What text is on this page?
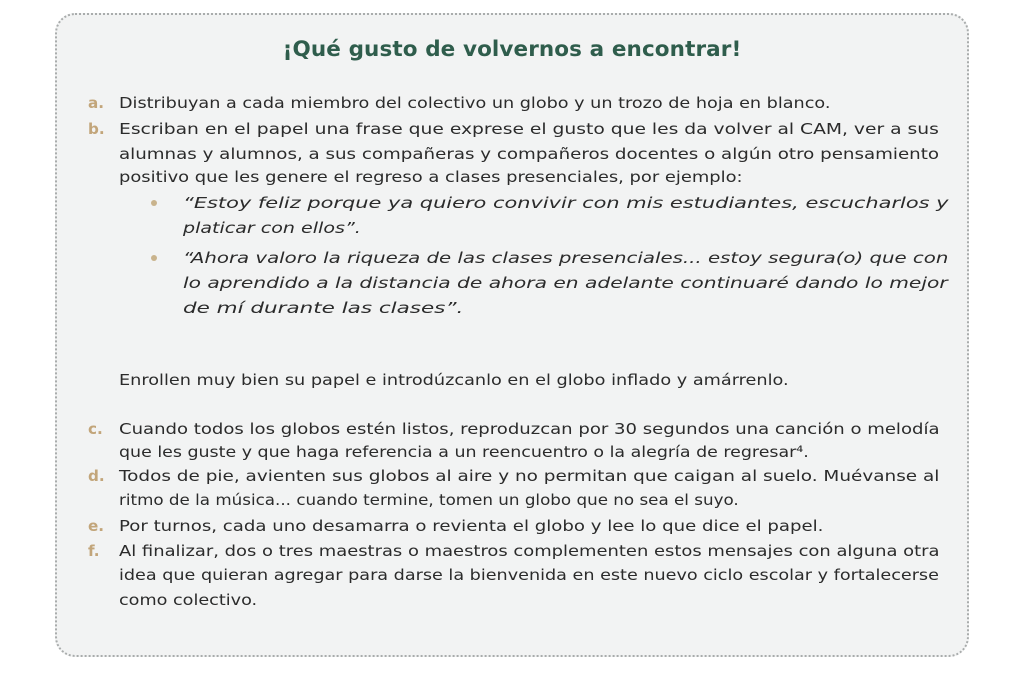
¡Qué gusto de volvernos a encontrar!
a. Distribuyan a cada miembro del colectivo un globo y un trozo de hoja en blanco.
b. Escriban en el papel una frase que exprese el gusto que les da volver al CAM, ver a sus
alumnas y alumnos, a sus compañeras y compañeros docentes o algún otro pensamiento
positivo que les genere el regreso a clases presenciales, por ejemplo:
“Estoy feliz porque ya quiero convivir con mis estudiantes, escucharlos y
platicar con ellos”.
“Ahora valoro la riqueza de las clases presenciales... estoy segura(o) que con
lo aprendido a la distancia de ahora en adelante continuaré dando lo mejor
de mí durante las clases”.
Enrollen muy bien su papel e introdúzcanlo en el globo inflado y amárrenlo.
c. Cuando todos los globos estén listos, reproduzcan por 30 segundos una canción o melodía
que les guste y que haga referencia a un reencuentro o la alegría de regresar⁴.
d. Todos de pie, avienten sus globos al aire y no permitan que caigan al suelo. Muévanse al
ritmo de la música... cuando termine, tomen un globo que no sea el suyo.
e. Por turnos, cada uno desamarra o revienta el globo y lee lo que dice el papel.
f. Al finalizar, dos o tres maestras o maestros complementen estos mensajes con alguna otra
idea que quieran agregar para darse la bienvenida en este nuevo ciclo escolar y fortalecerse
como colectivo.
